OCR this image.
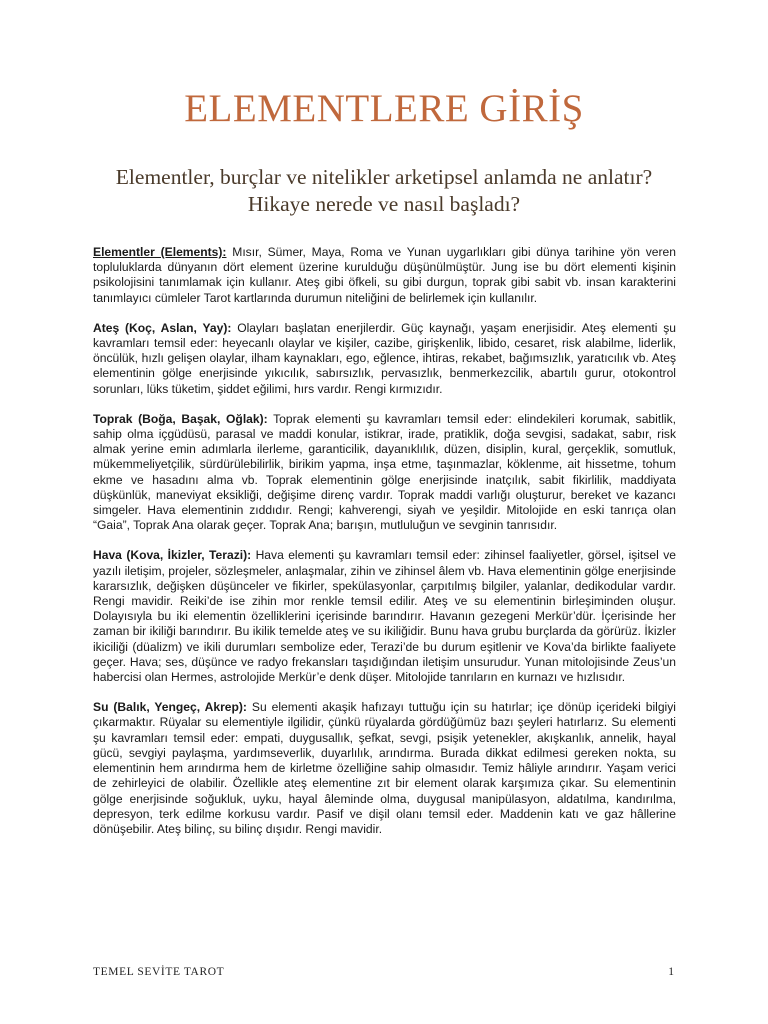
ELEMENTLERE GİRİŞ
Elementler, burçlar ve nitelikler arketipsel anlamda ne anlatır?
Hikaye nerede ve nasıl başladı?

Elementler (Elements): Mısır, Sümer, Maya, Roma ve Yunan uygarlıkları gibi dünya tarihine yön veren topluluklarda dünyanın dört element üzerine kurulduğu düşünülmüştür. Jung ise bu dört elementi kişinin psikolojisini tanımlamak için kullanır. Ateş gibi öfkeli, su gibi durgun, toprak gibi sabit vb. insan karakterini tanımlayıcı cümleler Tarot kartlarında durumun niteliğini de belirlemek için kullanılır.

Ateş (Koç, Aslan, Yay): Olayları başlatan enerjilerdir. Güç kaynağı, yaşam enerjisidir. Ateş elementi şu kavramları temsil eder: heyecanlı olaylar ve kişiler, cazibe, girişkenlik, libido, cesaret, risk alabilme, liderlik, öncülük, hızlı gelişen olaylar, ilham kaynakları, ego, eğlence, ihtiras, rekabet, bağımsızlık, yaratıcılık vb. Ateş elementinin gölge enerjisinde yıkıcılık, sabırsızlık, pervasızlık, benmerkezcilik, abartılı gurur, otokontrol sorunları, lüks tüketim, şiddet eğilimi, hırs vardır. Rengi kırmızıdır.

Toprak (Boğa, Başak, Oğlak): Toprak elementi şu kavramları temsil eder: elindekileri korumak, sabitlik, sahip olma içgüdüsü, parasal ve maddi konular, istikrar, irade, pratiklik, doğa sevgisi, sadakat, sabır, risk almak yerine emin adımlarla ilerleme, garanticilik, dayanıklılık, düzen, disiplin, kural, gerçeklik, somutluk, mükemmeliyetçilik, sürdürülebilirlik, birikim yapma, inşa etme, taşınmazlar, köklenme, ait hissetme, tohum ekme ve hasadını alma vb. Toprak elementinin gölge enerjisinde inatçılık, sabit fikirlilik, maddiyata düşkünlük, maneviyat eksikliği, değişime direnç vardır. Toprak maddi varlığı oluşturur, bereket ve kazancı simgeler. Hava elementinin zıddıdır. Rengi; kahverengi, siyah ve yeşildir. Mitolojide en eski tanrıça olan “Gaia”, Toprak Ana olarak geçer. Toprak Ana; barışın, mutluluğun ve sevginin tanrısıdır.

Hava (Kova, İkizler, Terazi): Hava elementi şu kavramları temsil eder: zihinsel faaliyetler, görsel, işitsel ve yazılı iletişim, projeler, sözleşmeler, anlaşmalar, zihin ve zihinsel âlem vb. Hava elementinin gölge enerjisinde kararsızlık, değişken düşünceler ve fikirler, spekülasyonlar, çarpıtılmış bilgiler, yalanlar, dedikodular vardır. Rengi mavidir. Reiki’de ise zihin mor renkle temsil edilir. Ateş ve su elementinin birleşiminden oluşur. Dolayısıyla bu iki elementin özelliklerini içerisinde barındırır. Havanın gezegeni Merkür’dür. İçerisinde her zaman bir ikiliği barındırır. Bu ikilik temelde ateş ve su ikiliğidir. Bunu hava grubu burçlarda da görürüz. İkizler ikiciliği (düalizm) ve ikili durumları sembolize eder, Terazi’de bu durum eşitlenir ve Kova’da birlikte faaliyete geçer. Hava; ses, düşünce ve radyo frekansları taşıdığından iletişim unsurudur. Yunan mitolojisinde Zeus’un habercisi olan Hermes, astrolojide Merkür’e denk düşer. Mitolojide tanrıların en kurnazı ve hızlısıdır.

Su (Balık, Yengeç, Akrep): Su elementi akaşik hafızayı tuttuğu için su hatırlar; içe dönüp içerideki bilgiyi çıkarmaktır. Rüyalar su elementiyle ilgilidir, çünkü rüyalarda gördüğümüz bazı şeyleri hatırlarız. Su elementi şu kavramları temsil eder: empati, duygusallık, şefkat, sevgi, psişik yetenekler, akışkanlık, annelik, hayal gücü, sevgiyi paylaşma, yardımseverlik, duyarlılık, arındırma. Burada dikkat edilmesi gereken nokta, su elementinin hem arındırma hem de kirletme özelliğine sahip olmasıdır. Temiz hâliyle arındırır. Yaşam verici de zehirleyici de olabilir. Özellikle ateş elementine zıt bir element olarak karşımıza çıkar. Su elementinin gölge enerjisinde soğukluk, uyku, hayal âleminde olma, duygusal manipülasyon, aldatılma, kandırılma, depresyon, terk edilme korkusu vardır. Pasif ve dişil olanı temsil eder. Maddenin katı ve gaz hâllerine dönüşebilir. Ateş bilinç, su bilinç dışıdır. Rengi mavidir.

TEMEL SEVİTE TAROT	1
